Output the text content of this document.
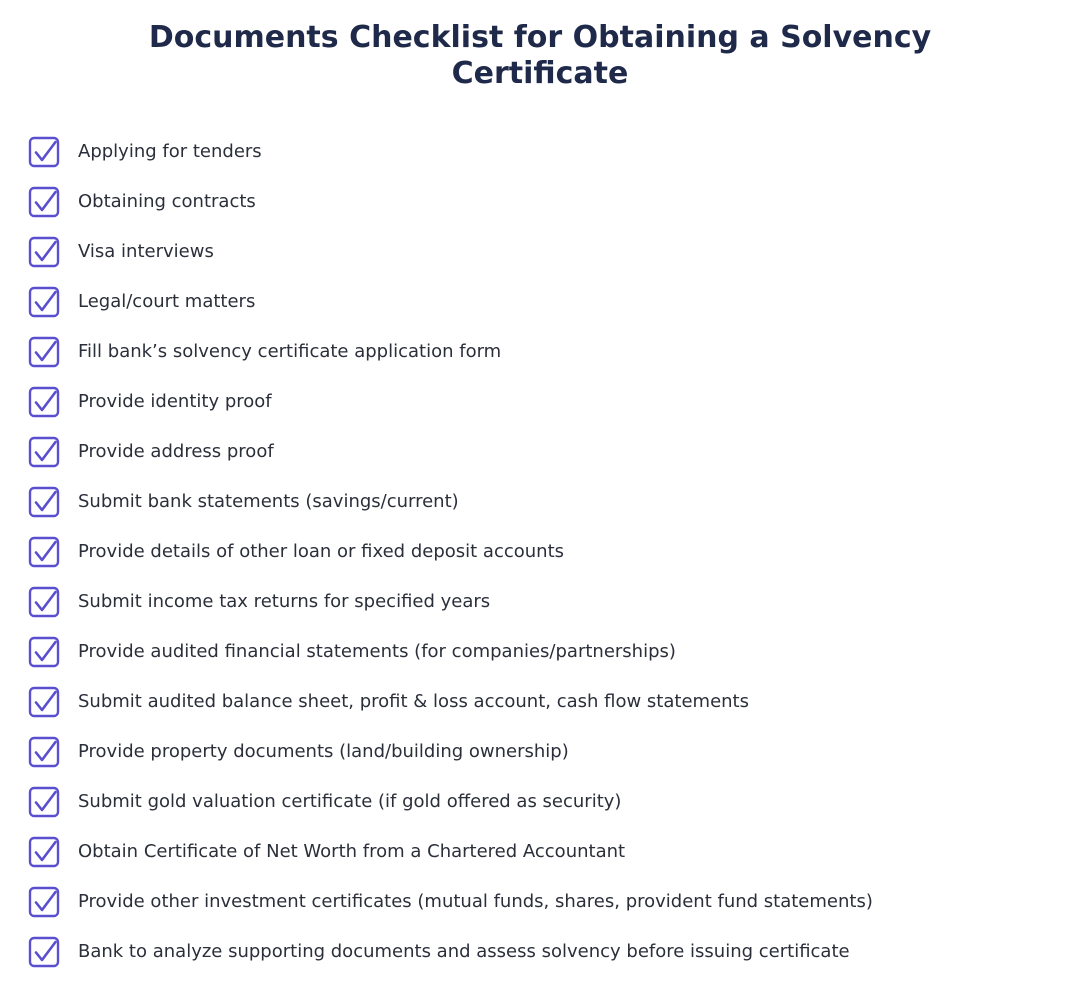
Documents Checklist for Obtaining a Solvency
Certificate
Applying for tenders
Obtaining contracts
Visa interviews
Legal/court matters
Fill bank’s solvency certificate application form
Provide identity proof
Provide address proof
Submit bank statements (savings/current)
Provide details of other loan or fixed deposit accounts
Submit income tax returns for specified years
Provide audited financial statements (for companies/partnerships)
Submit audited balance sheet, profit & loss account, cash flow statements
Provide property documents (land/building ownership)
Submit gold valuation certificate (if gold offered as security)
Obtain Certificate of Net Worth from a Chartered Accountant
Provide other investment certificates (mutual funds, shares, provident fund statements)
Bank to analyze supporting documents and assess solvency before issuing certificate
